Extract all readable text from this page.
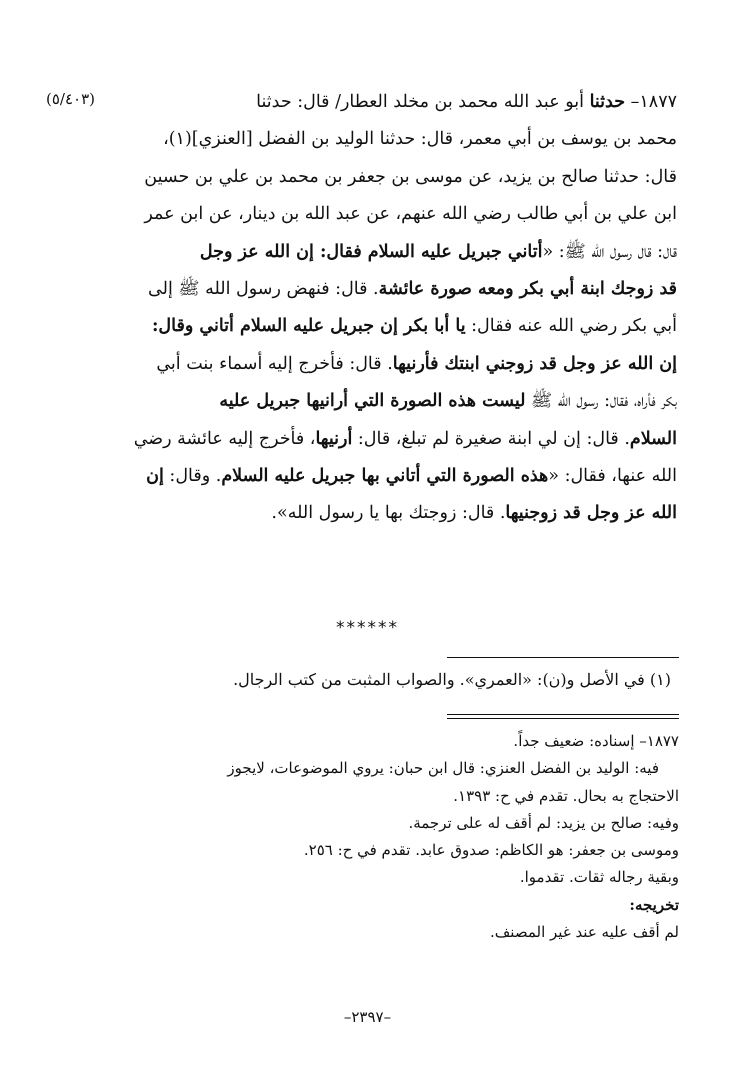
(٥/٤٠٣)	١٨٧٧– حدثنا أبو عبد الله محمد بن مخلد العطار/ قال: حدثنا
محمد بن يوسف بن أبي معمر، قال: حدثنا الوليد بن الفضل [العنزي](١)،
قال: حدثنا صالح بن يزيد، عن موسى بن جعفر بن محمد بن علي بن حسين
ابن علي بن أبي طالب رضي الله عنهم، عن عبد الله بن دينار، عن ابن عمر
قال: قال رسول الله ﷺ: «أتاني جبريل عليه السلام فقال: إن الله عز وجل
قد زوجك ابنة أبي بكر ومعه صورة عائشة. قال: فنهض رسول الله ﷺ إلى
أبي بكر رضي الله عنه فقال: يا أبا بكر إن جبريل عليه السلام أتاني وقال:
إن الله عز وجل قد زوجني ابنتك فأرنيها. قال: فأخرج إليه أسماء بنت أبي
بكر فأراه، فقال: رسول الله ﷺ ليست هذه الصورة التي أرانيها جبريل عليه
السلام. قال: إن لي ابنة صغيرة لم تبلغ، قال: أرنيها، فأخرج إليه عائشة رضي
الله عنها، فقال: «هذه الصورة التي أتاني بها جبريل عليه السلام. وقال: إن
الله عز وجل قد زوجنيها. قال: زوجتك بها يا رسول الله».
******
(١) في الأصل و(ن): «العمري». والصواب المثبت من كتب الرجال.
١٨٧٧– إسناده: ضعيف جداً.
فيه: الوليد بن الفضل العنزي: قال ابن حبان: يروي الموضوعات، لايجوز
الاحتجاج به بحال. تقدم في ح: ١٣٩٣.
وفيه: صالح بن يزيد: لم أقف له على ترجمة.
وموسى بن جعفر: هو الكاظم: صدوق عابد. تقدم في ح: ٢٥٦.
وبقية رجاله ثقات. تقدموا.
تخريجه:
لم أقف عليه عند غير المصنف.
–٢٣٩٧–
